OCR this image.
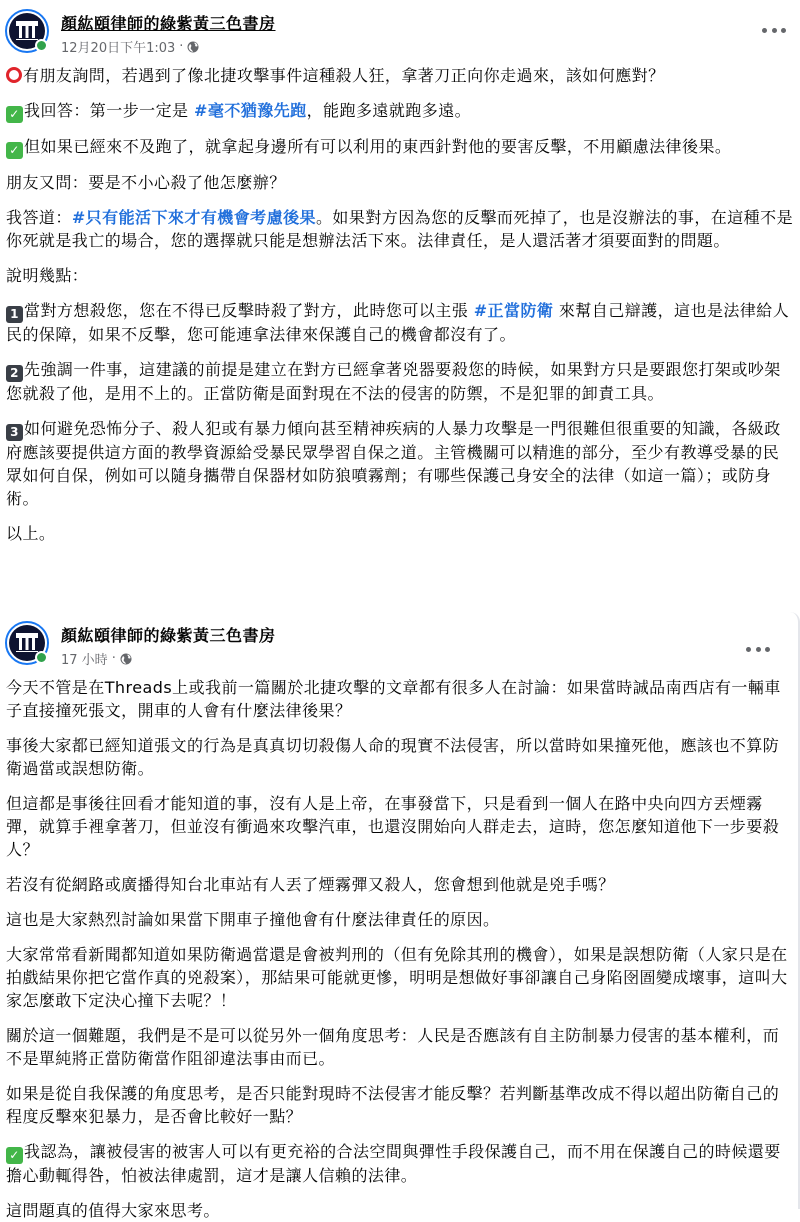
顏紘頤律師的綠紫黃三色書房
12月20日下午1:03 ·

有朋友詢問，若遇到了像北捷攻擊事件這種殺人狂，拿著刀正向你走過來，該如何應對？

✓ 我回答：第一步一定是 #毫不猶豫先跑，能跑多遠就跑多遠。

✓ 但如果已經來不及跑了，就拿起身邊所有可以利用的東西針對他的要害反擊，不用顧慮法律後果。

朋友又問：要是不小心殺了他怎麼辦？

我答道：#只有能活下來才有機會考慮後果。如果對方因為您的反擊而死掉了，也是沒辦法的事，在這種不是你死就是我亡的場合，您的選擇就只能是想辦法活下來。法律責任，是人還活著才須要面對的問題。

說明幾點：

1 當對方想殺您，您在不得已反擊時殺了對方，此時您可以主張 #正當防衛 來幫自己辯護，這也是法律給人民的保障，如果不反擊，您可能連拿法律來保護自己的機會都沒有了。

2 先強調一件事，這建議的前提是建立在對方已經拿著兇器要殺您的時候，如果對方只是要跟您打架或吵架您就殺了他，是用不上的。正當防衛是面對現在不法的侵害的防禦，不是犯罪的卸責工具。

3 如何避免恐怖分子、殺人犯或有暴力傾向甚至精神疾病的人暴力攻擊是一門很難但很重要的知識，各級政府應該要提供這方面的教學資源給受暴民眾學習自保之道。主管機關可以精進的部分，至少有教導受暴的民眾如何自保，例如可以隨身攜帶自保器材如防狼噴霧劑；有哪些保護己身安全的法律（如這一篇）；或防身術。

以上。

顏紘頤律師的綠紫黃三色書房
17 小時 ·

今天不管是在Threads上或我前一篇關於北捷攻擊的文章都有很多人在討論：如果當時誠品南西店有一輛車子直接撞死張文，開車的人會有什麼法律後果？

事後大家都已經知道張文的行為是真真切切殺傷人命的現實不法侵害，所以當時如果撞死他，應該也不算防衛過當或誤想防衛。

但這都是事後往回看才能知道的事，沒有人是上帝，在事發當下，只是看到一個人在路中央向四方丟煙霧彈，就算手裡拿著刀，但並沒有衝過來攻擊汽車，也還沒開始向人群走去，這時，您怎麼知道他下一步要殺人？

若沒有從網路或廣播得知台北車站有人丟了煙霧彈又殺人，您會想到他就是兇手嗎？

這也是大家熱烈討論如果當下開車子撞他會有什麼法律責任的原因。

大家常常看新聞都知道如果防衛過當還是會被判刑的（但有免除其刑的機會），如果是誤想防衛（人家只是在拍戲結果你把它當作真的兇殺案），那結果可能就更慘，明明是想做好事卻讓自己身陷囹圄變成壞事，這叫大家怎麼敢下定決心撞下去呢？！

關於這一個難題，我們是不是可以從另外一個角度思考：人民是否應該有自主防制暴力侵害的基本權利，而不是單純將正當防衛當作阻卻違法事由而已。

如果是從自我保護的角度思考，是否只能對現時不法侵害才能反擊？若判斷基準改成不得以超出防衛自己的程度反擊來犯暴力，是否會比較好一點？

✓ 我認為，讓被侵害的被害人可以有更充裕的合法空間與彈性手段保護自己，而不用在保護自己的時候還要擔心動輒得咎，怕被法律處罰，這才是讓人信賴的法律。

這問題真的值得大家來思考。
